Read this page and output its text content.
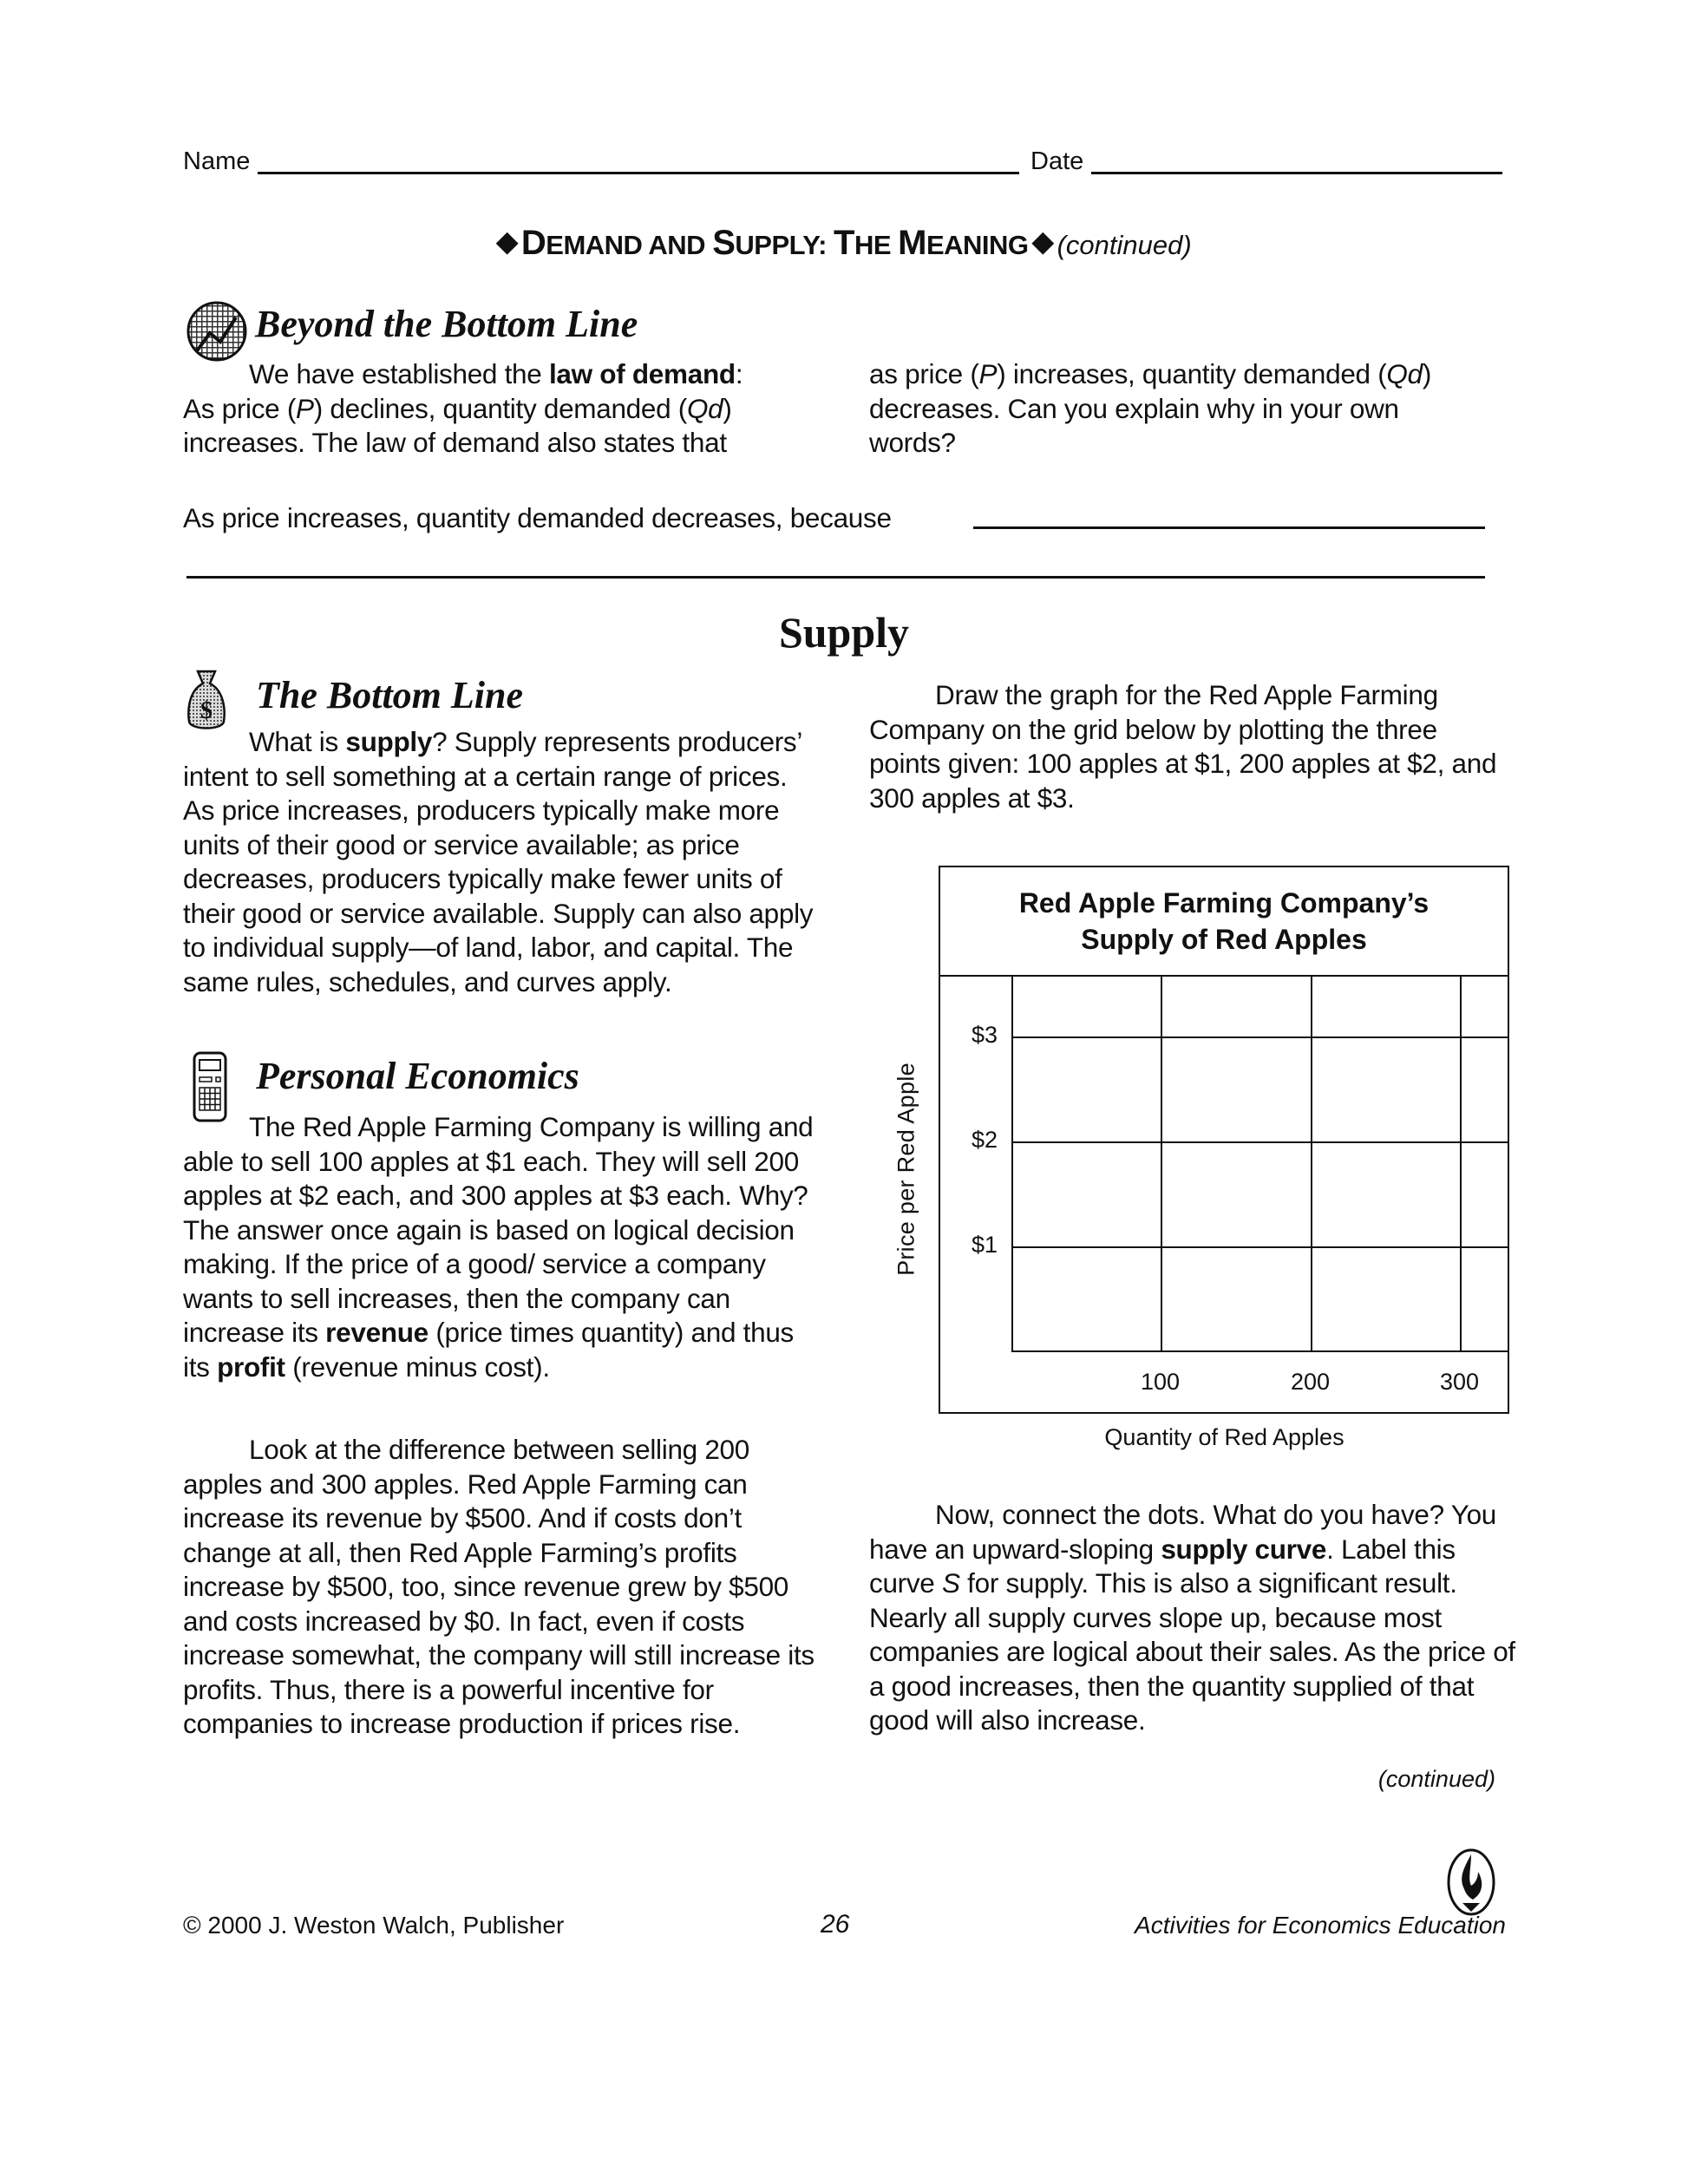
Name	Date
◆ DEMAND AND SUPPLY: THE MEANING ◆ (continued)
Beyond the Bottom Line
We have established the law of demand:
As price (P) declines, quantity demanded (Qd)
increases. The law of demand also states that
as price (P) increases, quantity demanded (Qd)
decreases. Can you explain why in your own
words?
As price increases, quantity demanded decreases, because
Supply
$ The Bottom Line
What is supply? Supply represents producers’ intent to sell something at a certain range of prices. As price increases, producers typically make more units of their good or service available; as price decreases, producers typically make fewer units of their good or service available. Supply can also apply to individual supply—of land, labor, and capital. The same rules, schedules, and curves apply.
Personal Economics
The Red Apple Farming Company is willing and able to sell 100 apples at $1 each. They will sell 200 apples at $2 each, and 300 apples at $3 each. Why? The answer once again is based on logical decision making. If the price of a good/ service a company wants to sell increases, then the company can increase its revenue (price times quantity) and thus its profit (revenue minus cost).
Look at the difference between selling 200 apples and 300 apples. Red Apple Farming can increase its revenue by $500. And if costs don’t change at all, then Red Apple Farming’s profits increase by $500, too, since revenue grew by $500 and costs increased by $0. In fact, even if costs increase somewhat, the company will still increase its profits. Thus, there is a powerful incentive for companies to increase production if prices rise.
Draw the graph for the Red Apple Farming Company on the grid below by plotting the three points given: 100 apples at $1, 200 apples at $2, and 300 apples at $3.
Red Apple Farming Company’s
Supply of Red Apples
$3
$2
$1
100	200	300
Price per Red Apple
Quantity of Red Apples
Now, connect the dots. What do you have? You have an upward-sloping supply curve. Label this curve S for supply. This is also a significant result. Nearly all supply curves slope up, because most companies are logical about their sales. As the price of a good increases, then the quantity supplied of that good will also increase.
(continued)
© 2000 J. Weston Walch, Publisher	26	Activities for Economics Education
